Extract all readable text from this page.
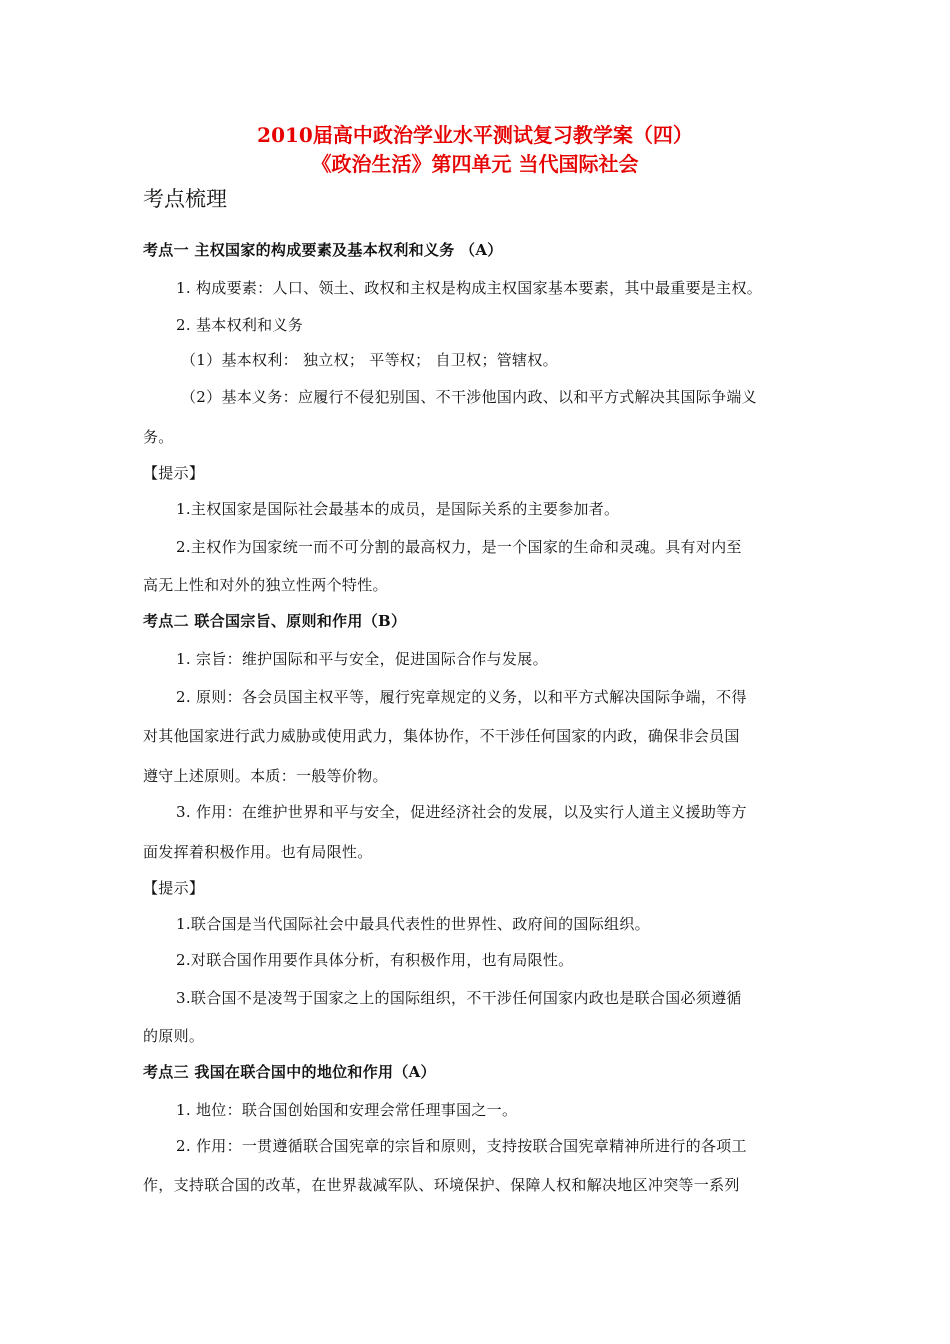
2010届高中政治学业水平测试复习教学案（四）
《政治生活》第四单元 当代国际社会
考点梳理
考点一 主权国家的构成要素及基本权利和义务 （A）
1. 构成要素：人口、领土、政权和主权是构成主权国家基本要素，其中最重要是主权。
2. 基本权利和义务
（1）基本权利： 独立权； 平等权； 自卫权；管辖权。
（2）基本义务：应履行不侵犯别国、不干涉他国内政、以和平方式解决其国际争端义
务。
【提示】
1.主权国家是国际社会最基本的成员，是国际关系的主要参加者。
2.主权作为国家统一而不可分割的最高权力，是一个国家的生命和灵魂。具有对内至
高无上性和对外的独立性两个特性。
考点二 联合国宗旨、原则和作用（B）
1. 宗旨：维护国际和平与安全，促进国际合作与发展。
2. 原则：各会员国主权平等，履行宪章规定的义务，以和平方式解决国际争端，不得
对其他国家进行武力威胁或使用武力，集体协作，不干涉任何国家的内政，确保非会员国
遵守上述原则。本质：一般等价物。
3. 作用：在维护世界和平与安全，促进经济社会的发展，以及实行人道主义援助等方
面发挥着积极作用。也有局限性。
【提示】
1.联合国是当代国际社会中最具代表性的世界性、政府间的国际组织。
2.对联合国作用要作具体分析，有积极作用，也有局限性。
3.联合国不是凌驾于国家之上的国际组织，不干涉任何国家内政也是联合国必须遵循
的原则。
考点三 我国在联合国中的地位和作用（A）
1. 地位：联合国创始国和安理会常任理事国之一。
2. 作用：一贯遵循联合国宪章的宗旨和原则，支持按联合国宪章精神所进行的各项工
作，支持联合国的改革，在世界裁减军队、环境保护、保障人权和解决地区冲突等一系列
